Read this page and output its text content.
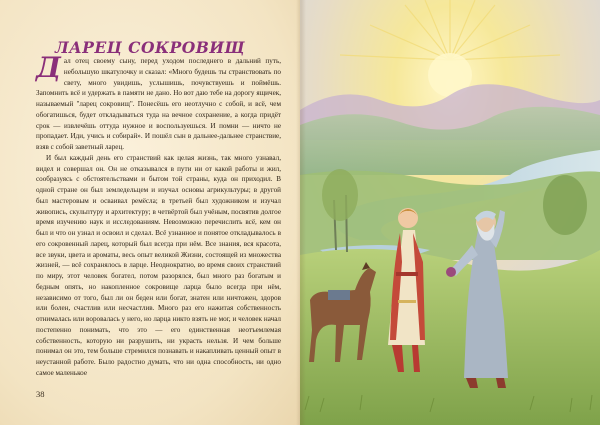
ЛАРЕЦ СОКРОВИЩ

Дал отец своему сыну, перед уходом последнего в дальний путь, небольшую шкатулочку и сказал: «Много будешь ты странствовать по свету, много увидишь, услышишь, почувствуешь и поймёшь. Запомнить всё и удержать в памяти не дано. Но вот даю тебе на дорогу ящичек, называемый "ларец сокровищ". Понесёшь его неотлучно с собой, и всё, чем обогатишься, будет откладываться туда на вечное сохранение, а когда придёт срок — извлечёшь оттуда нужное и воспользуешься. И помни — ничто не пропадает. Иди, учись и собирай». И пошёл сын в дальнее-дальнее странствие, взяв с собой заветный ларец.

И был каждый день его странствий как целая жизнь, так много узнавал, видел и совершал он. Он не отказывался в пути ни от какой работы и жил, сообразуясь с обстоятельствами и бытом той страны, куда он приходил. В одной стране он был земледельцем и изучал основы агрикультуры; в другой был мастеровым и осваивал ремёсла; в третьей был художником и изучал живопись, скульптуру и архитектуру; в четвёртой был учёным, посвятив долгое время изучению наук и исследованиям. Невозможно перечислить всё, кем он был и что он узнал и освоил и сделал. Всё узнанное и понятое откладывалось в его сокровенный ларец, который был всегда при нём. Все знания, вся красота, все звуки, цвета и ароматы, весь опыт великой Жизни, состоящей из множества жизней, — всё сохранялось в ларце. Неоднократно, во время своих странствий по миру, этот человек богател, потом разорялся, был много раз богатым и бедным опять, но накопленное сокровище ларца было всегда при нём, независимо от того, был ли он беден или богат, знатен или ничтожен, здоров или болен, счастлив или несчастлив. Много раз его нажитая собственность отнималась или воровалась у него, но ларца никто взять не мог, и человек начал постепенно понимать, что это — его единственная неотъемлемая собственность, которую ни разрушить, ни украсть нельзя. И чем больше понимал он это, тем больше стремился познавать и накапливать ценный опыт в неустанной работе. Было радостно думать, что ни одна способность, ни одно самое маленькое

38
